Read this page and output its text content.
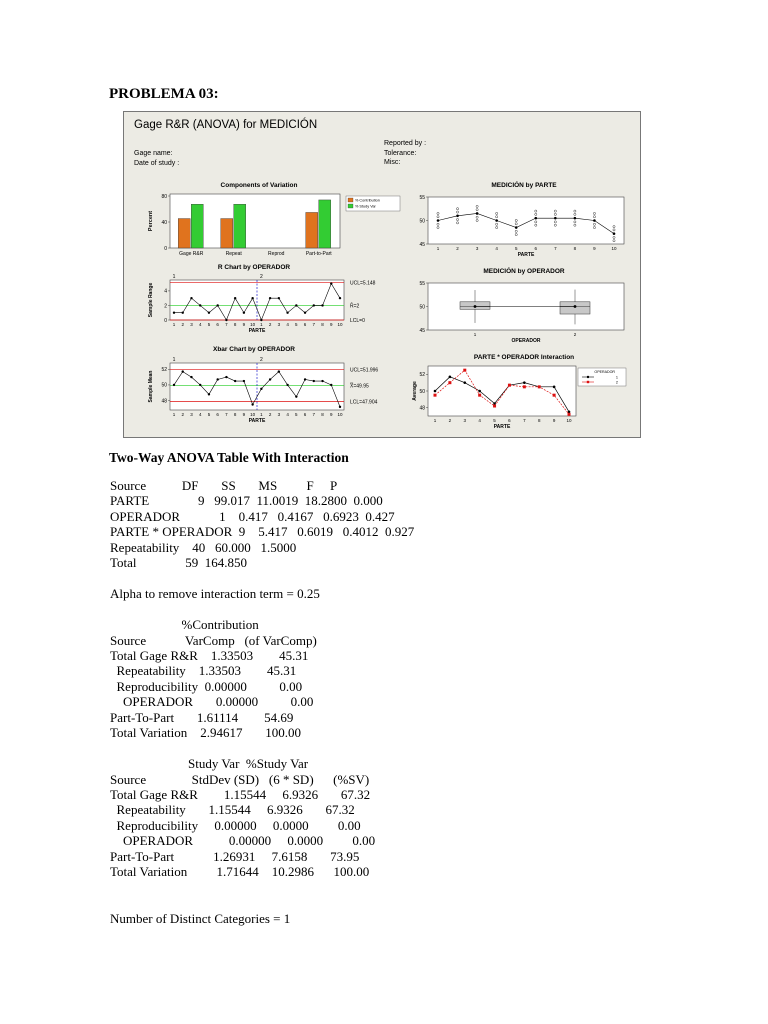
PROBLEMA 03:
Gage R&R (ANOVA) for MEDICIÓN
Gage name:
Date of study :
Reported by :
Tolerance:
Misc:
Components of Variation
R Chart by OPERADOR
Xbar Chart by OPERADOR
MEDICIÓN by PARTE
MEDICIÓN by OPERADOR
PARTE * OPERADOR Interaction
0
40
80
Percent
Gage R&R	Repeat	Reprod	Part-to-Part
% Contribution
% Study Var
0
2
4
1	2
1 2 3 4 5 6 7 8 9 10 1 2 3 4 5 6 7 8 9 10
PARTE
Sample Range	UCL=5.148
R̄=2
LCL=0
48
50
52
1	2
1 2 3 4 5 6 7 8 9 10 1 2 3 4 5 6 7 8 9 10
PARTE
Sample Mean
UCL=51.996
X̿=49.95
LCL=47.904
45
50
55
1	2	3	4	5	6	7	8	9	10
PARTE
45
50
55
1	2
OPERADOR
48
50
52
1	2	3	4	5	6	7	8	9 10
PARTE
Average
OPERADOR
1
2
Two-Way ANOVA Table With Interaction
Source           DF       SS       MS         F     P
PARTE               9   99.017  11.0019  18.2800  0.000
OPERADOR            1    0.417   0.4167   0.6923  0.427
PARTE * OPERADOR  9    5.417   0.6019   0.4012  0.927
Repeatability    40   60.000   1.5000
Total               59  164.850
Alpha to remove interaction term = 0.25
%Contribution
Source            VarComp   (of VarComp)
Total Gage R&R    1.33503        45.31
Repeatability    1.33503        45.31
Reproducibility  0.00000          0.00
OPERADOR       0.00000          0.00
Part-To-Part       1.61114        54.69
Total Variation    2.94617       100.00
Study Var  %Study Var
Source              StdDev (SD)   (6 * SD)      (%SV)
Total Gage R&R        1.15544     6.9326       67.32
Repeatability       1.15544     6.9326       67.32
Reproducibility     0.00000     0.0000         0.00
OPERADOR           0.00000     0.0000         0.00
Part-To-Part            1.26931     7.6158       73.95
Total Variation         1.71644    10.2986      100.00
Number of Distinct Categories = 1
